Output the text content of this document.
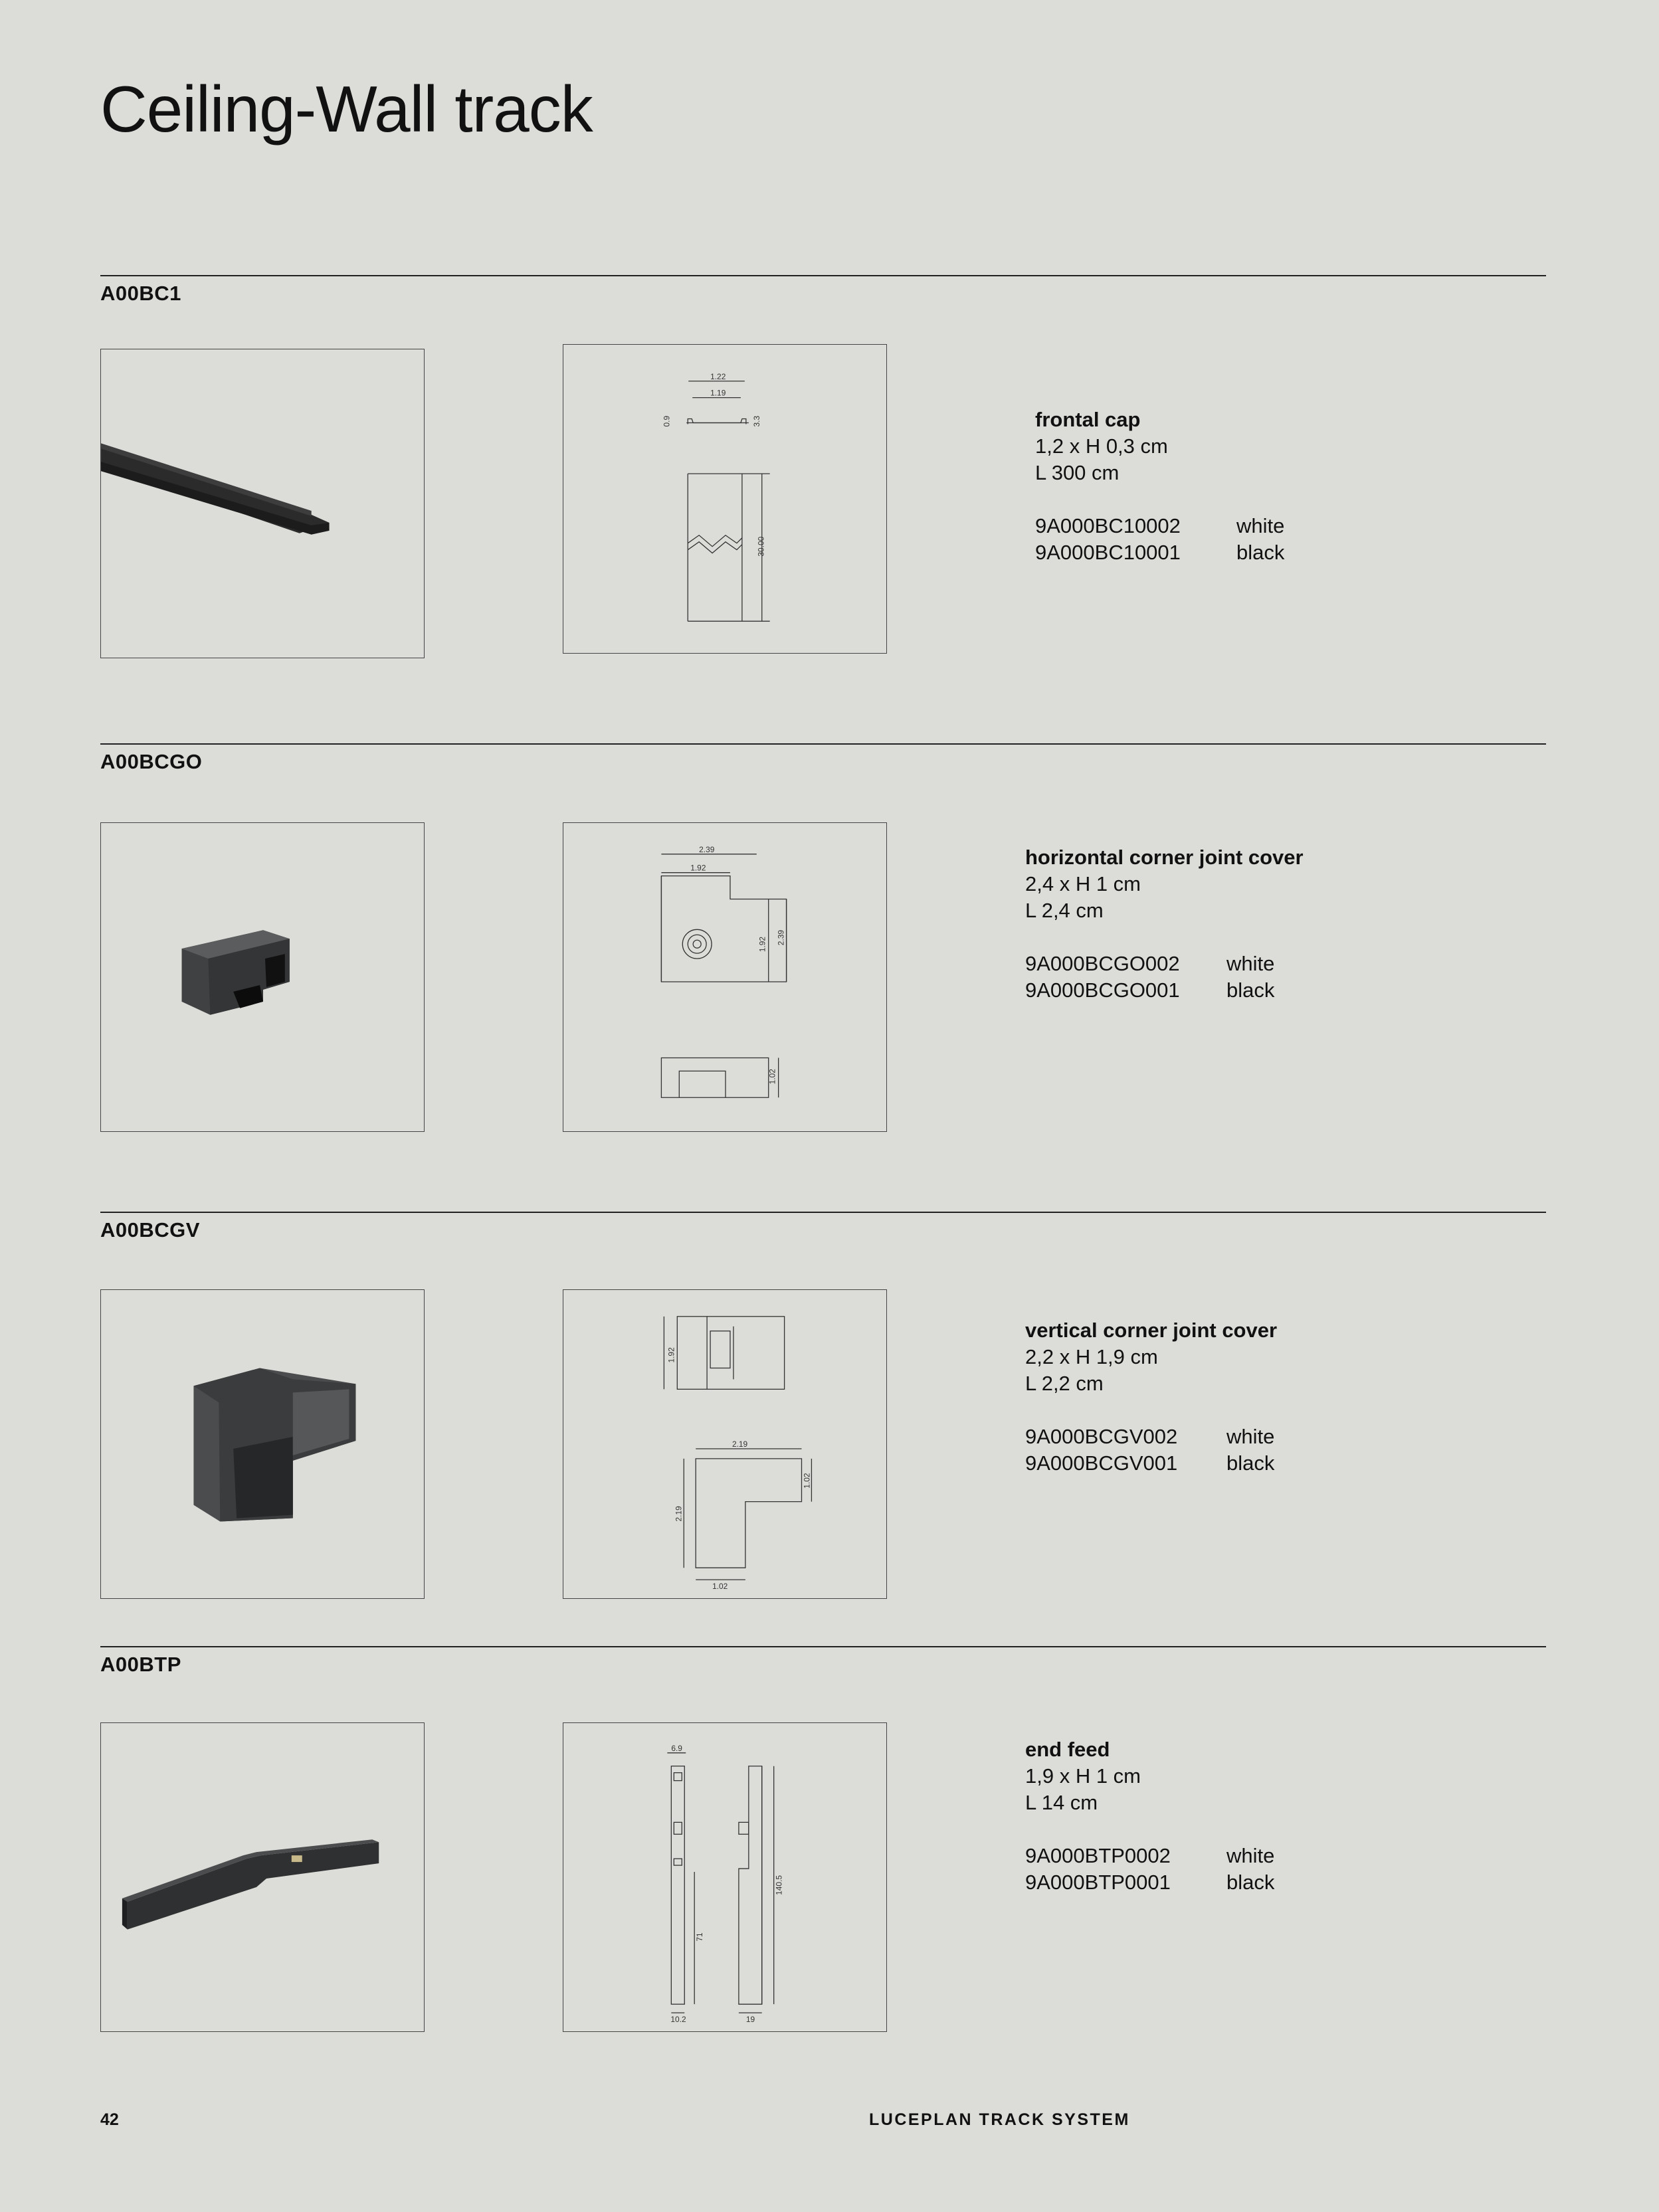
Ceiling-Wall track
A00BC1
1.22
1.19
0.9	3.3
30.00
frontal cap
1,2 x H 0,3 cm
L 300 cm
9A000BC10002	white
9A000BC10001	black
A00BCGO
2.39
1.92
1.92 2.39
1.02
horizontal corner joint cover
2,4 x H 1 cm
L 2,4 cm
9A000BCGO002	white
9A000BCGO001	black
A00BCGV
1.92
2.19
1.02
2.19
1.02
vertical corner joint cover
2,2 x H 1,9 cm
L 2,2 cm
9A000BCGV002	white
9A000BCGV001	black
A00BTP
6.9
140.5
71
10.2	19
end feed
1,9 x H 1 cm
L 14 cm
9A000BTP0002	white
9A000BTP0001	black
42	LUCEPLAN TRACK SYSTEM
